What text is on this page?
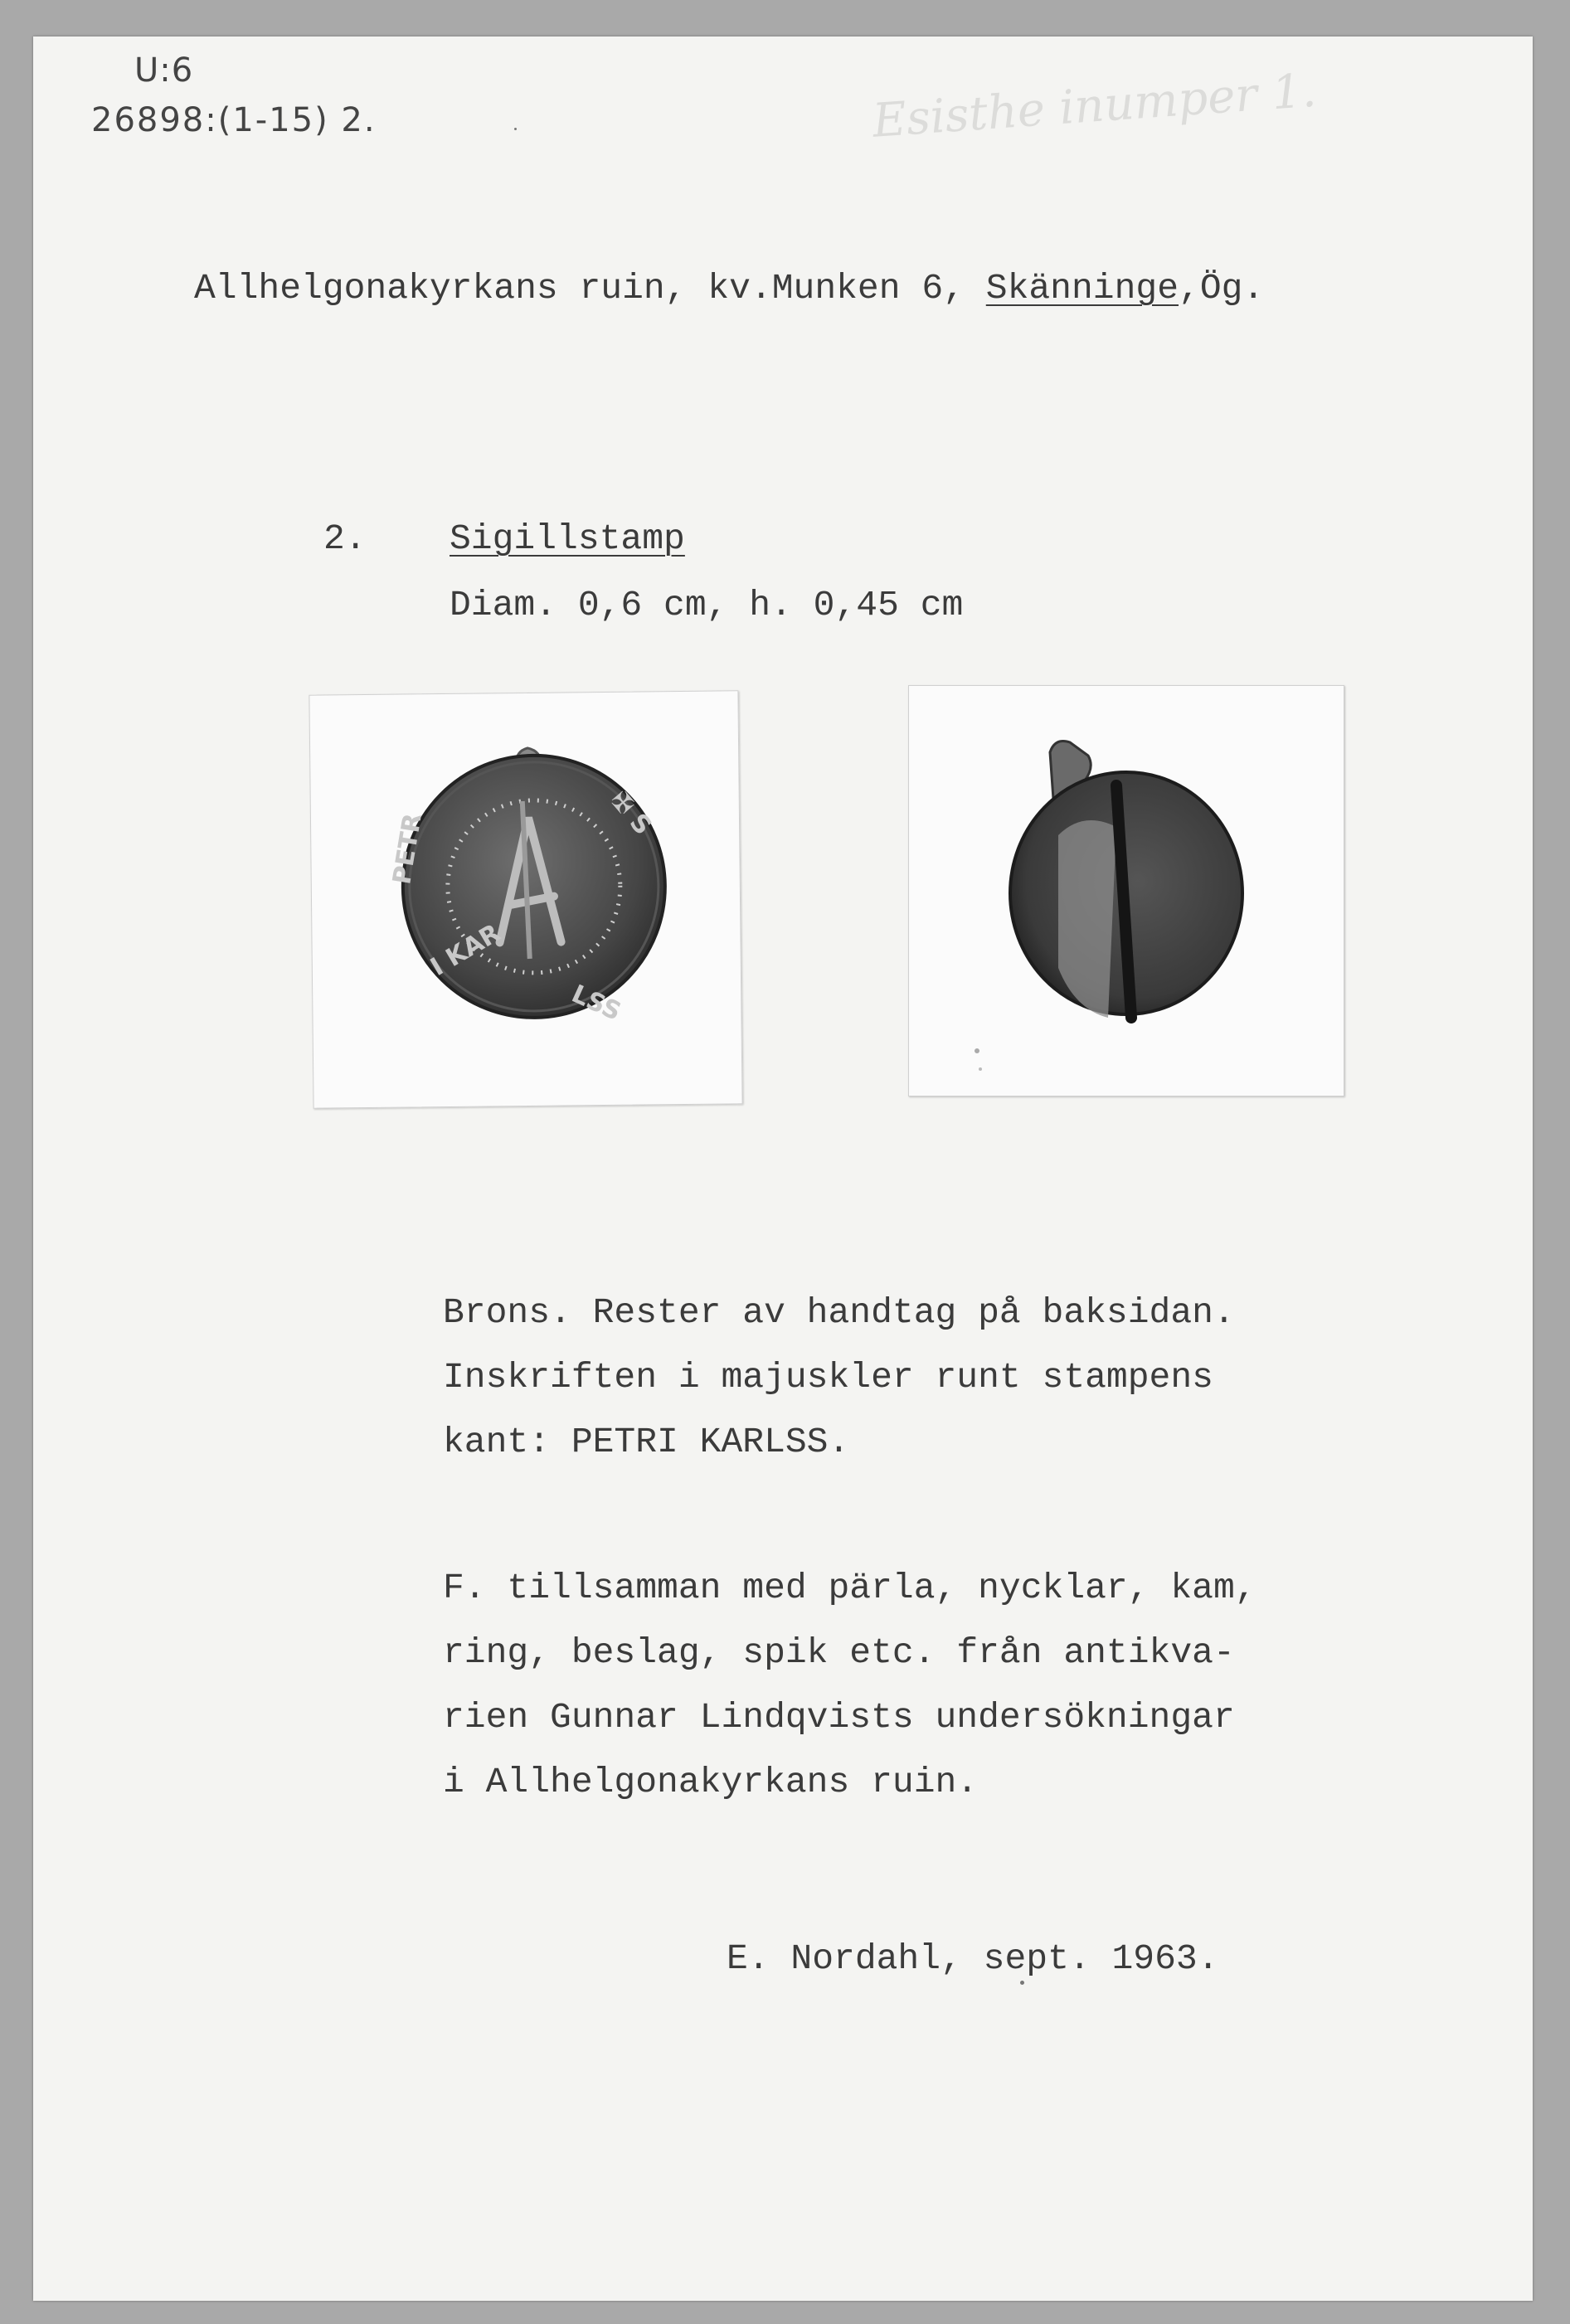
U:6
26898:(1-15) 2.	Esisthe inumper 1.
Allhelgonakyrkans ruin, kv.Munken 6, Skänninge,Ög.
2. Sigillstamp
Diam. 0,6 cm, h. 0,45 cm
PETR
I KAR
LSS
✠ S
Brons. Rester av handtag på baksidan.
Inskriften i majuskler runt stampens
kant: PETRI KARLSS.
F. tillsamman med pärla, nycklar, kam,
ring, beslag, spik etc. från antikva-
rien Gunnar Lindqvists undersökningar
i Allhelgonakyrkans ruin.
E. Nordahl, sept. 1963.
